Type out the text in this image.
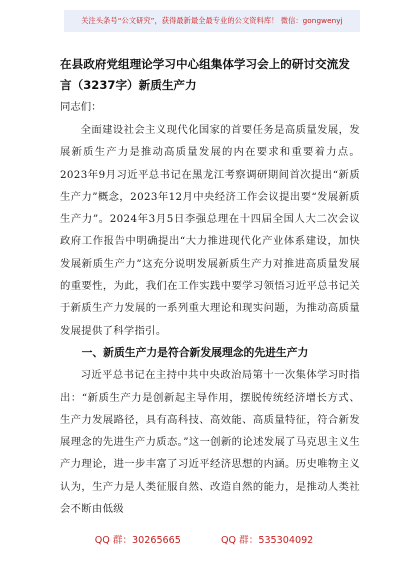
关注头条号“公文研究”，获得最新最全最专业的公文资料库！ 微信：gongwenyj
在县政府党组理论学习中心组集体学习会上的研讨交流发言（3237字）新质生产力
同志们：

全面建设社会主义现代化国家的首要任务是高质量发展，发展新质生产力是推动高质量发展的内在要求和重要着力点。2023年9月习近平总书记在黑龙江考察调研期间首次提出“新质生产力”概念，2023年12月中央经济工作会议提出要“发展新质生产力”。2024年3月5日李强总理在十四届全国人大二次会议政府工作报告中明确提出“大力推进现代化产业体系建设，加快发展新质生产力”这充分说明发展新质生产力对推进高质量发展的重要性，为此，我们在工作实践中要学习领悟习近平总书记关于新质生产力发展的一系列重大理论和现实问题，为推动高质量发展提供了科学指引。

一、新质生产力是符合新发展理念的先进生产力

习近平总书记在主持中共中央政治局第十一次集体学习时指出：“新质生产力是创新起主导作用，摆脱传统经济增长方式、生产力发展路径，具有高科技、高效能、高质量特征，符合新发展理念的先进生产力质态。”这一创新的论述发展了马克思主义生产力理论，进一步丰富了习近平经济思想的内涵。历史唯物主义认为，生产力是人类征服自然、改造自然的能力，是推动人类社会不断由低级

QQ 群：30265665	QQ 群：535304092
